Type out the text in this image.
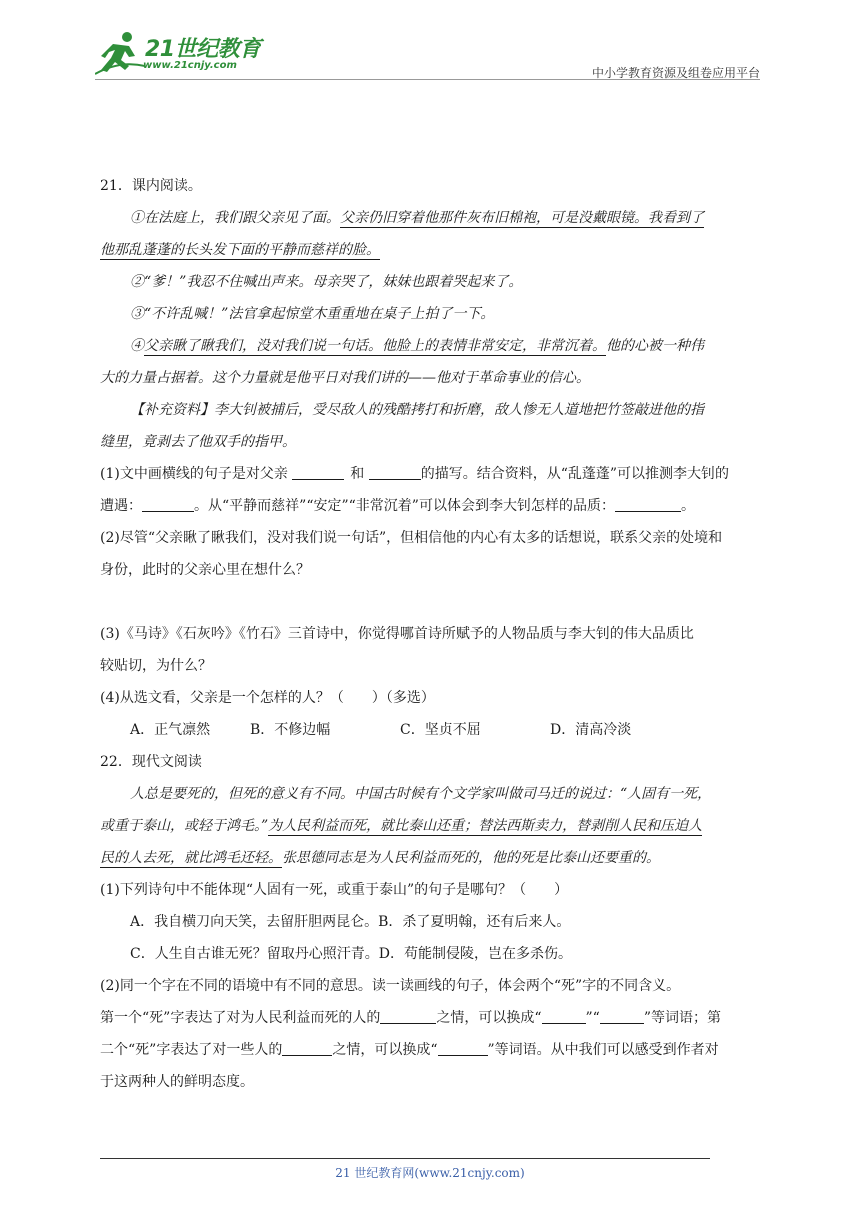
21世纪教育
www.21cnjy.com
中小学教育资源及组卷应用平台
21．课内阅读。
①在法庭上，我们跟父亲见了面。父亲仍旧穿着他那件灰布旧棉袍，可是没戴眼镜。我看到了
他那乱蓬蓬的长头发下面的平静而慈祥的脸。
②“爹！”我忍不住喊出声来。母亲哭了，妹妹也跟着哭起来了。
③“不许乱喊！”法官拿起惊堂木重重地在桌子上拍了一下。
④父亲瞅了瞅我们，没对我们说一句话。他脸上的表情非常安定，非常沉着。他的心被一种伟
大的力量占据着。这个力量就是他平日对我们讲的——他对于革命事业的信心。
【补充资料】李大钊被捕后，受尽敌人的残酷拷打和折磨，敌人惨无人道地把竹签敲进他的指
缝里，竟剥去了他双手的指甲。
(1)文中画横线的句子是对父亲	和	的描写。结合资料，从“乱蓬蓬”可以推测李大钊的
遭遇：	。从“平静而慈祥”“安定”“非常沉着”可以体会到李大钊怎样的品质：	。
(2)尽管“父亲瞅了瞅我们，没对我们说一句话”，但相信他的内心有太多的话想说，联系父亲的处境和
身份，此时的父亲心里在想什么？
(3)《马诗》《石灰吟》《竹石》三首诗中，你觉得哪首诗所赋予的人物品质与李大钊的伟大品质比
较贴切，为什么？
(4)从选文看，父亲是一个怎样的人？（　　）（多选）
A．正气凛然	B．不修边幅	C．坚贞不屈	D．清高冷淡
22．现代文阅读
人总是要死的，但死的意义有不同。中国古时候有个文学家叫做司马迁的说过：“人固有一死，
或重于泰山，或轻于鸿毛。”为人民利益而死，就比泰山还重；替法西斯卖力，替剥削人民和压迫人
民的人去死，就比鸿毛还轻。张思德同志是为人民利益而死的，他的死是比泰山还要重的。
(1)下列诗句中不能体现“人固有一死，或重于泰山”的句子是哪句？（　　）
A．我自横刀向天笑，去留肝胆两昆仑。B．杀了夏明翰，还有后来人。
C．人生自古谁无死？留取丹心照汗青。D．苟能制侵陵，岂在多杀伤。
(2)同一个字在不同的语境中有不同的意思。读一读画线的句子，体会两个“死”字的不同含义。
第一个“死”字表达了对为人民利益而死的人的	之情，可以换成“	”“	”等词语；第
二个“死”字表达了对一些人的	之情，可以换成“	”等词语。从中我们可以感受到作者对
于这两种人的鲜明态度。
21 世纪教育网(www.21cnjy.com)
